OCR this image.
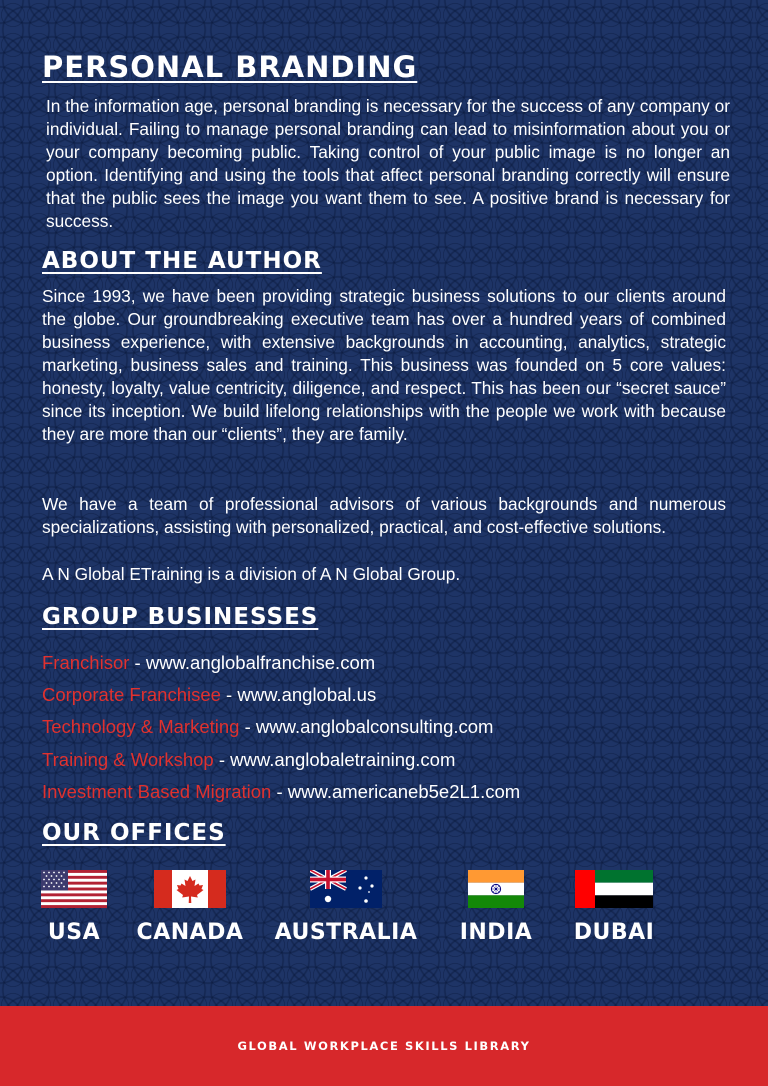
PERSONAL BRANDING

In the information age, personal branding is necessary for the success of any company or individual. Failing to manage personal branding can lead to misinformation about you or your company becoming public. Taking control of your public image is no longer an option. Identifying and using the tools that affect personal branding correctly will ensure that the public sees the image you want them to see. A positive brand is necessary for success.

ABOUT THE AUTHOR

Since 1993, we have been providing strategic business solutions to our clients around the globe. Our groundbreaking executive team has over a hundred years of combined business experience, with extensive backgrounds in accounting, analytics, strategic marketing, business sales and training. This business was founded on 5 core values: honesty, loyalty, value centricity, diligence, and respect. This has been our “secret sauce” since its inception. We build lifelong relationships with the people we work with because they are more than our “clients”, they are family.

We have a team of professional advisors of various backgrounds and numerous specializations, assisting with personalized, practical, and cost-effective solutions.

A N Global ETraining is a division of A N Global Group.

GROUP BUSINESSES
Franchisor - www.anglobalfranchise.com
Corporate Franchisee - www.anglobal.us
Technology & Marketing - www.anglobalconsulting.com
Training & Workshop - www.anglobaletraining.com
Investment Based Migration - www.americaneb5e2L1.com
OUR OFFICES
USA CANADA AUSTRALIA INDIA DUBAI
GLOBAL WORKPLACE SKILLS LIBRARY
